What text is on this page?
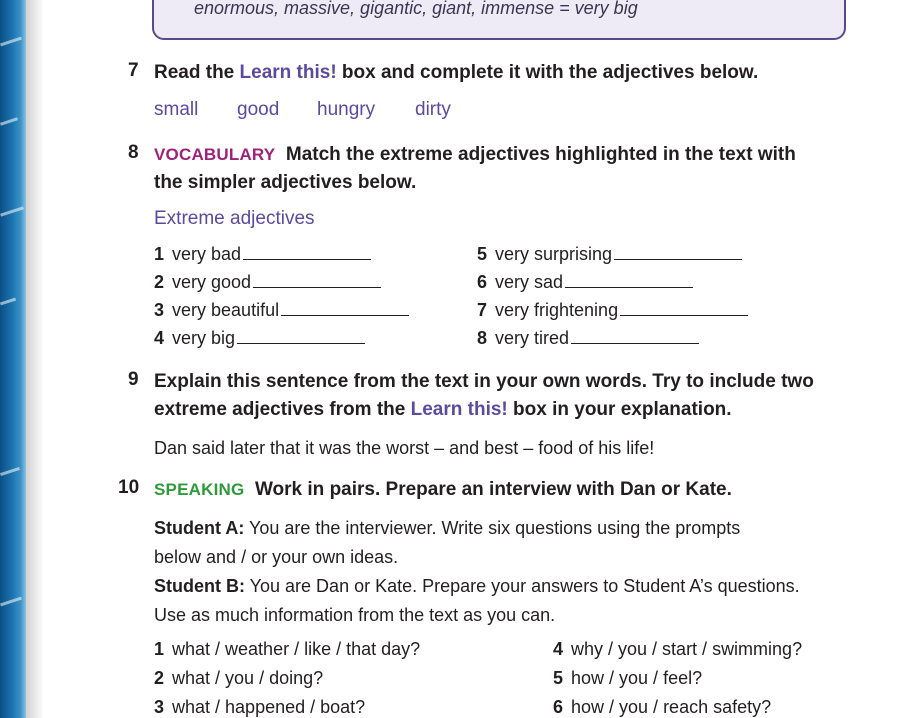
enormous, massive, gigantic, giant, immense = very big
7 Read the Learn this! box and complete it with the adjectives below.
small good hungry dirty
8 VOCABULARY Match the extreme adjectives highlighted in the text with
the simpler adjectives below.
Extreme adjectives
1 very bad
2 very good
3 very beautiful
4 very big
5 very surprising
6 very sad
7 very frightening
8 very tired
9 Explain this sentence from the text in your own words. Try to include two
extreme adjectives from the Learn this! box in your explanation.
Dan said later that it was the worst – and best – food of his life!
10 SPEAKING Work in pairs. Prepare an interview with Dan or Kate.
Student A: You are the interviewer. Write six questions using the prompts
below and / or your own ideas.
Student B: You are Dan or Kate. Prepare your answers to Student A’s questions.
Use as much information from the text as you can.
1 what / weather / like / that day?
2 what / you / doing?
3 what / happened / boat?
4 why / you / start / swimming?
5 how / you / feel?
6 how / you / reach safety?
